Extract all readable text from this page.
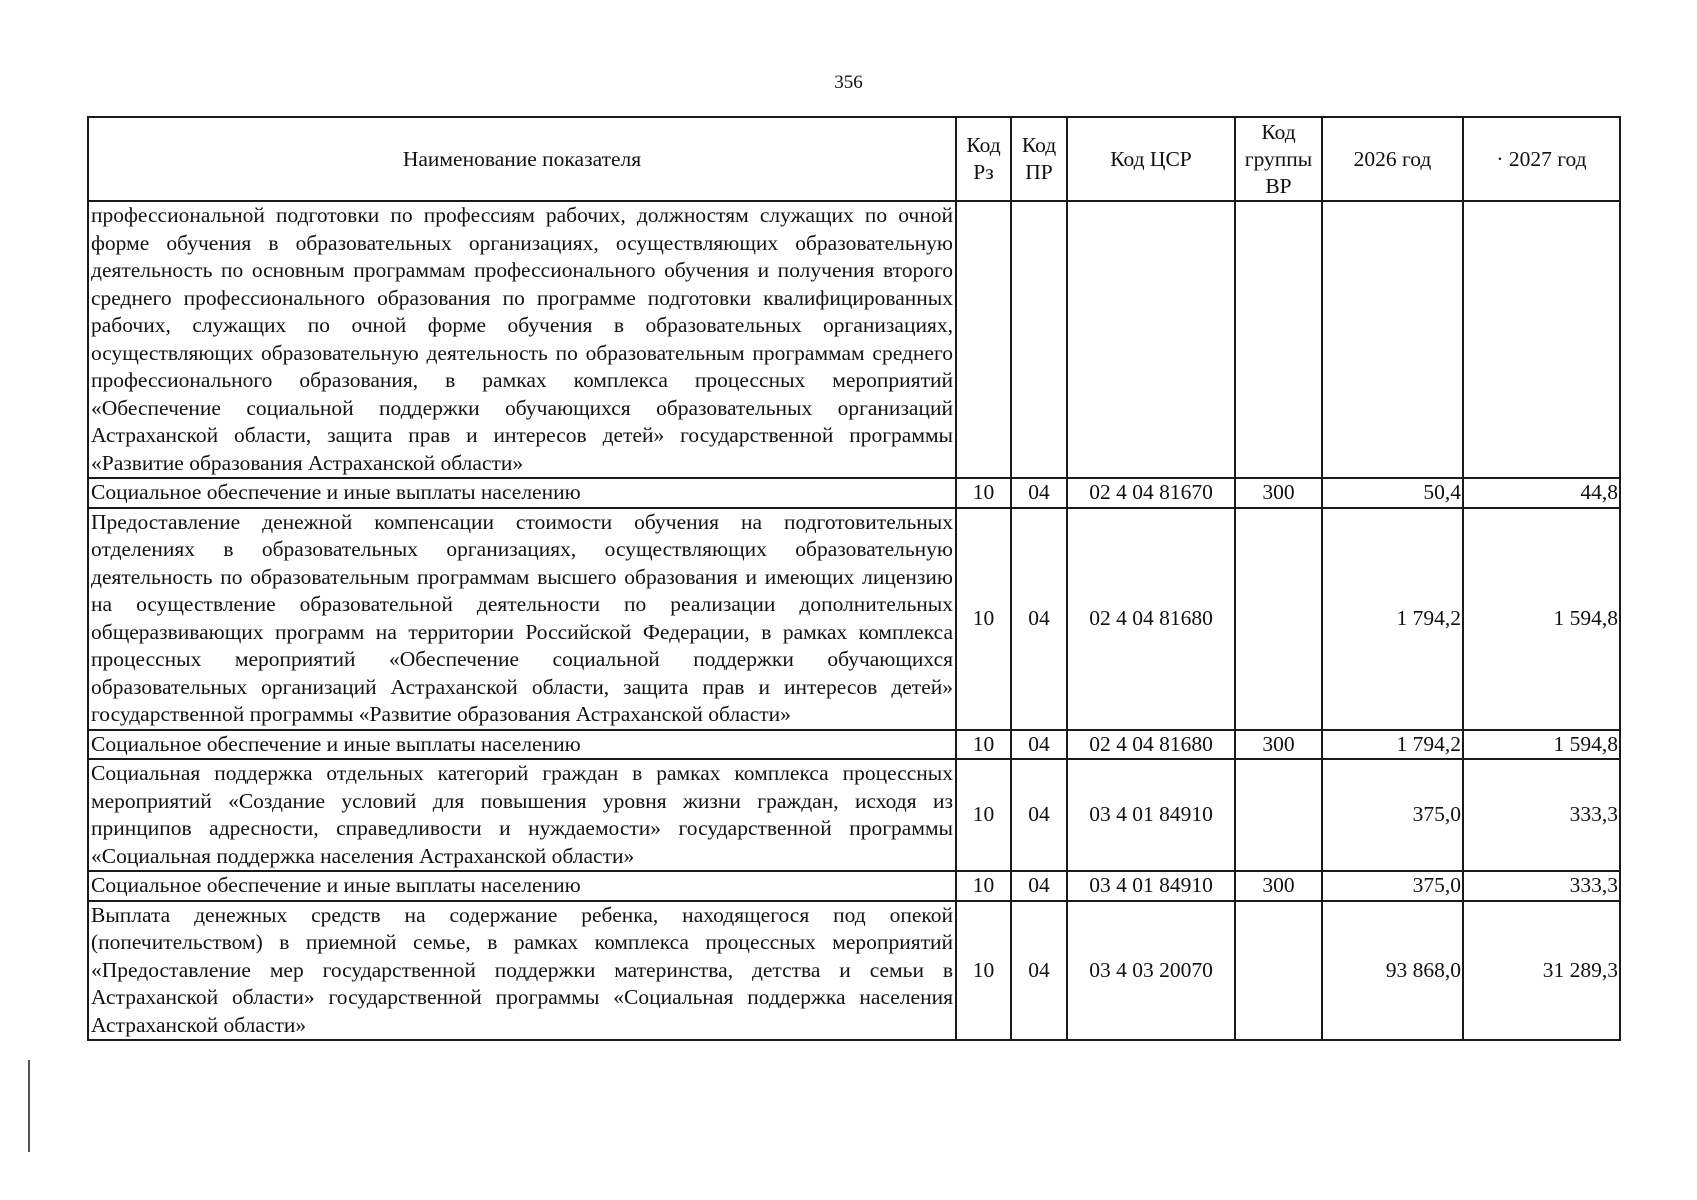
356
Наименование показателя	Код Рз	Код ПР	Код ЦСР	Код группы ВР	2026 год	· 2027 год
профессиональной подготовки по профессиям рабочих, должностям служащих по очной форме обучения в образовательных организациях, осуществляющих образовательную деятельность по основным программам профессионального обучения и получения второго среднего профессионального образования по программе подготовки квалифицированных рабочих, служащих по очной форме обучения в образовательных организациях, осуществляющих образовательную деятельность по образовательным программам среднего профессионального образования, в рамках комплекса процессных мероприятий «Обеспечение социальной поддержки обучающихся образовательных организаций Астраханской области, защита прав и интересов детей» государственной программы «Развитие образования Астраханской области»						
Социальное обеспечение и иные выплаты населению	10	04	02 4 04 81670	300	50,4	44,8
Предоставление денежной компенсации стоимости обучения на подготовительных отделениях в образовательных организациях, осуществляющих образовательную деятельность по образовательным программам высшего образования и имеющих лицензию на осуществление образовательной деятельности по реализации дополнительных общеразвивающих программ на территории Российской Федерации, в рамках комплекса процессных мероприятий «Обеспечение социальной поддержки обучающихся образовательных организаций Астраханской области, защита прав и интересов детей» государственной программы «Развитие образования Астраханской области»	10	04	02 4 04 81680		1 794,2	1 594,8
Социальное обеспечение и иные выплаты населению	10	04	02 4 04 81680	300	1 794,2	1 594,8
Социальная поддержка отдельных категорий граждан в рамках комплекса процессных мероприятий «Создание условий для повышения уровня жизни граждан, исходя из принципов адресности, справедливости и нуждаемости» государственной программы «Социальная поддержка населения Астраханской области»	10	04	03 4 01 84910		375,0	333,3
Социальное обеспечение и иные выплаты населению	10	04	03 4 01 84910	300	375,0	333,3
Выплата денежных средств на содержание ребенка, находящегося под опекой (попечительством) в приемной семье, в рамках комплекса процессных мероприятий «Предоставление мер государственной поддержки материнства, детства и семьи в Астраханской области» государственной программы «Социальная поддержка населения Астраханской области»	10	04	03 4 03 20070		93 868,0	31 289,3
